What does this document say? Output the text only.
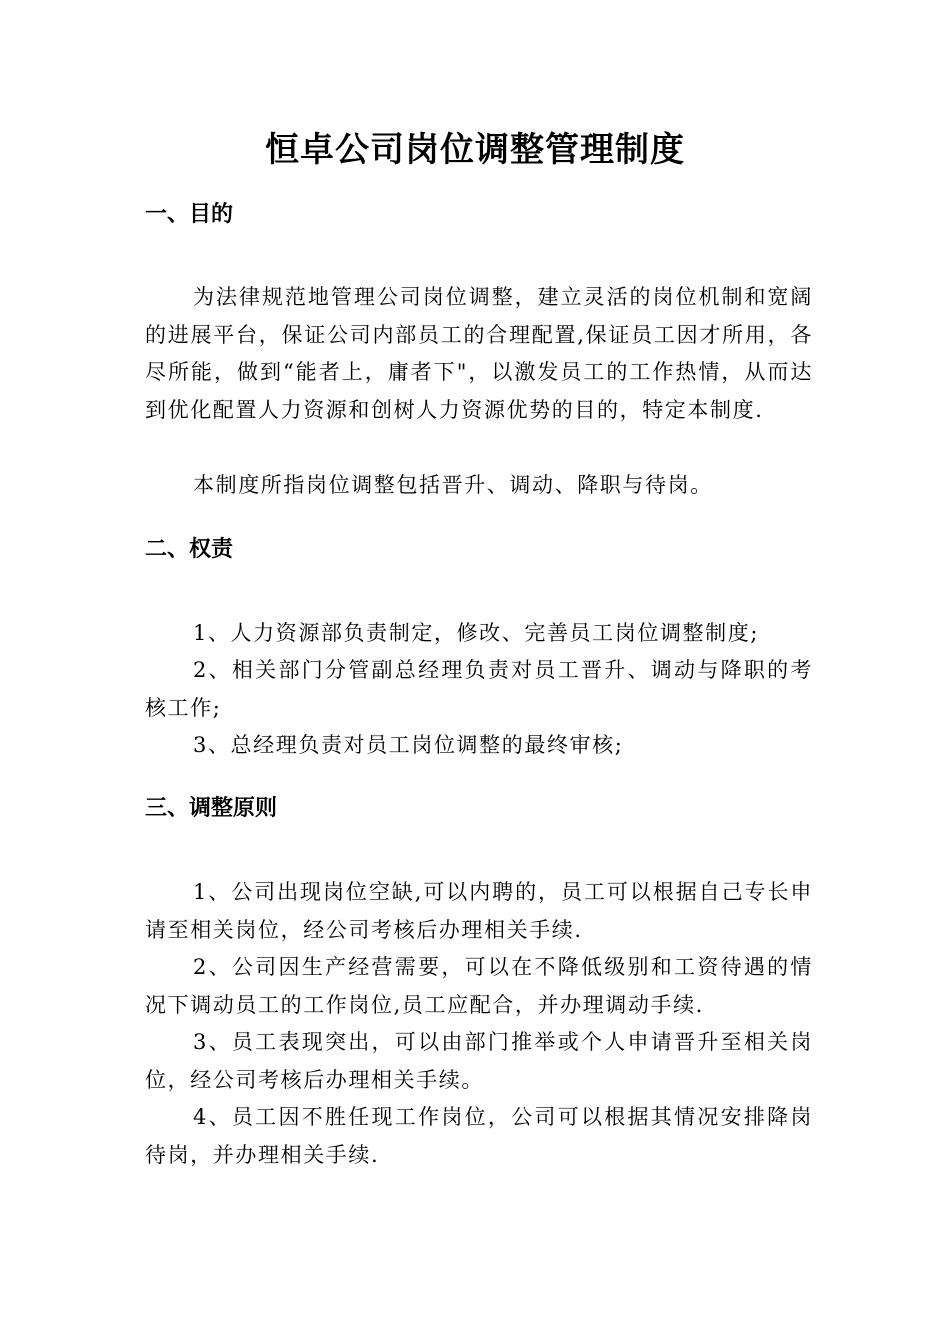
恒卓公司岗位调整管理制度
一、目的

为法律规范地管理公司岗位调整，建立灵活的岗位机制和宽阔的进展平台，保证公司内部员工的合理配置,保证员工因才所用，各尽所能，做到“能者上，庸者下"，以激发员工的工作热情，从而达到优化配置人力资源和创树人力资源优势的目的，特定本制度.

本制度所指岗位调整包括晋升、调动、降职与待岗。

二、权责

1、人力资源部负责制定，修改、完善员工岗位调整制度;

2、相关部门分管副总经理负责对员工晋升、调动与降职的考核工作;

3、总经理负责对员工岗位调整的最终审核;

三、调整原则

1、公司出现岗位空缺,可以内聘的，员工可以根据自己专长申请至相关岗位，经公司考核后办理相关手续.

2、公司因生产经营需要，可以在不降低级别和工资待遇的情况下调动员工的工作岗位,员工应配合，并办理调动手续.

3、员工表现突出，可以由部门推举或个人申请晋升至相关岗位，经公司考核后办理相关手续。

4、员工因不胜任现工作岗位，公司可以根据其情况安排降岗待岗，并办理相关手续.
